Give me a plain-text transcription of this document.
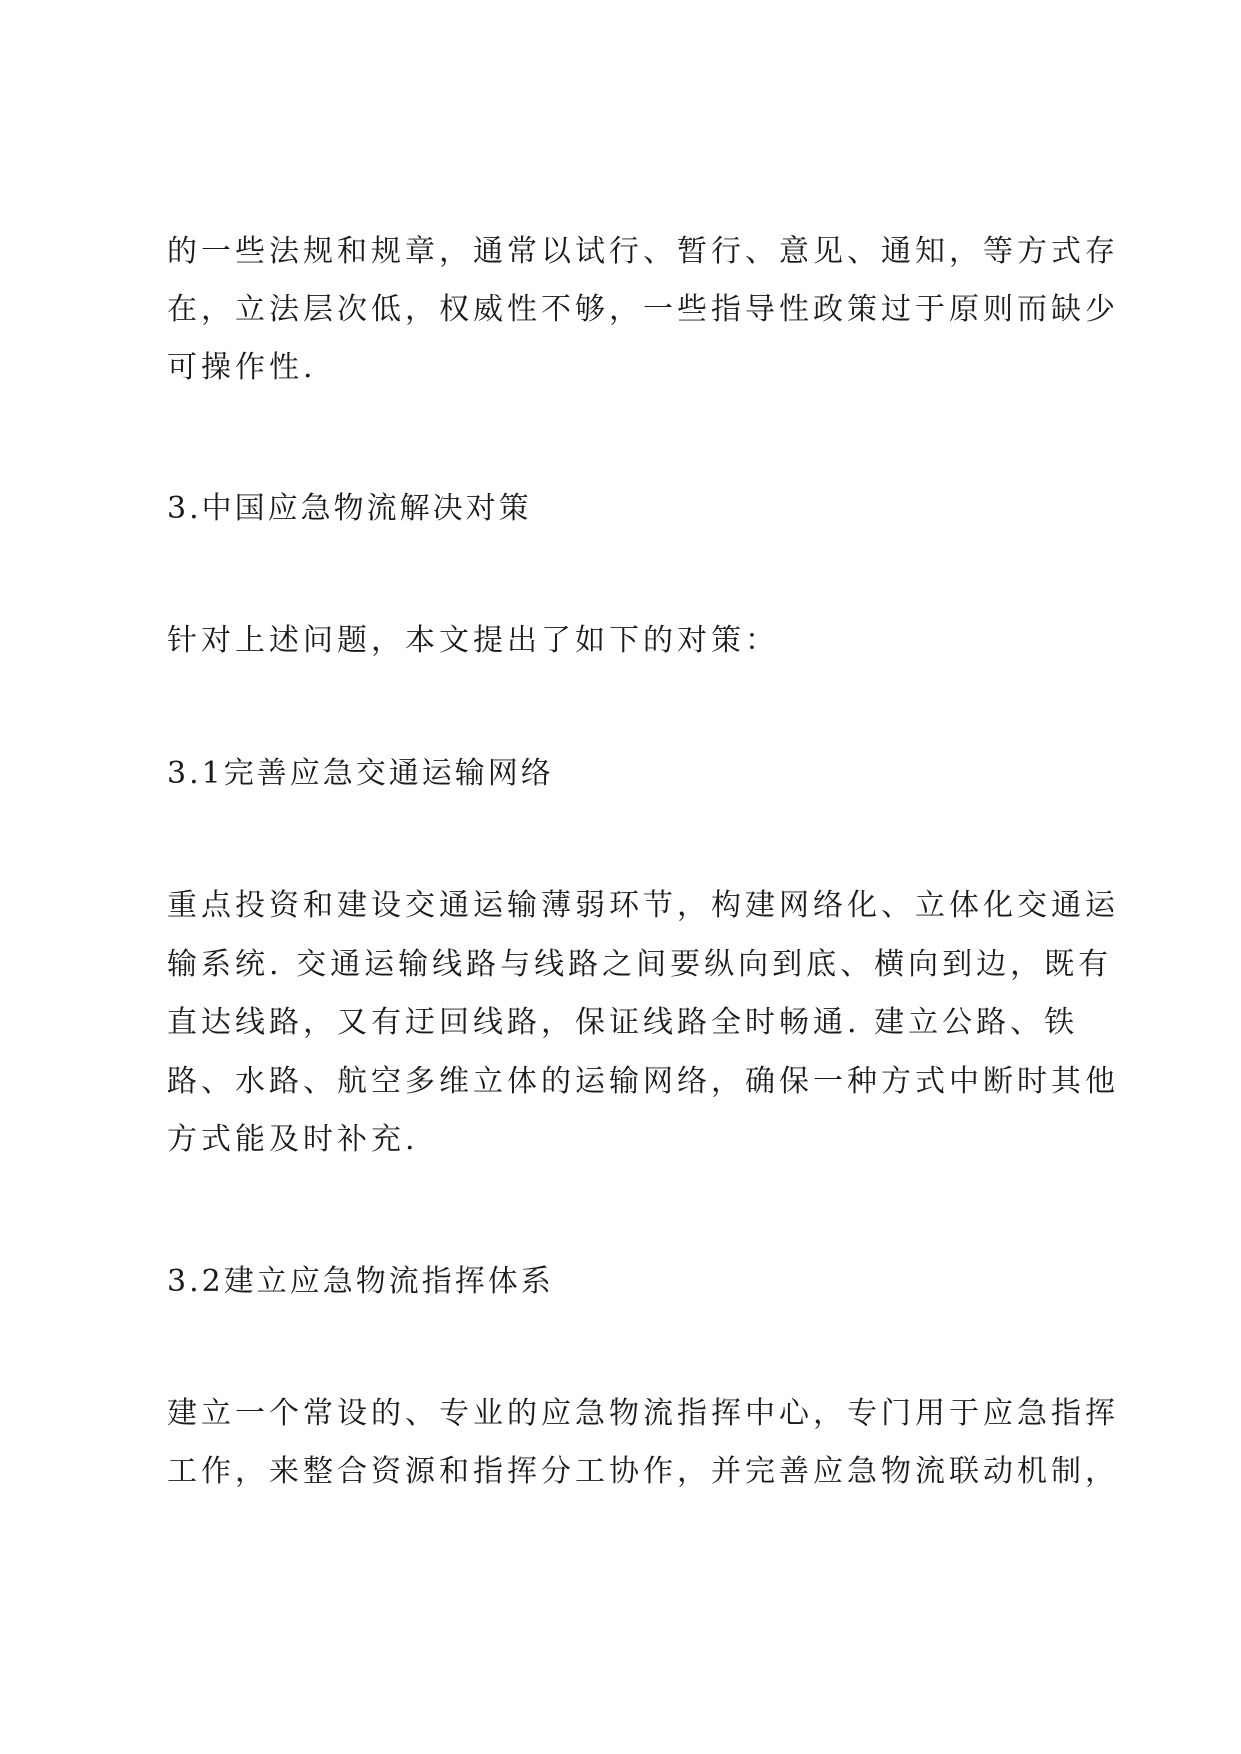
的一些法规和规章，通常以试行、暂行、意见、通知，等方式存
在，立法层次低，权威性不够，一些指导性政策过于原则而缺少
可操作性.
3.中国应急物流解决对策
针对上述问题，本文提出了如下的对策：
3.1完善应急交通运输网络
重点投资和建设交通运输薄弱环节，构建网络化、立体化交通运
输系统. 交通运输线路与线路之间要纵向到底、横向到边，既有
直达线路，又有迂回线路，保证线路全时畅通. 建立公路、铁
路、水路、航空多维立体的运输网络，确保一种方式中断时其他
方式能及时补充.
3.2建立应急物流指挥体系
建立一个常设的、专业的应急物流指挥中心，专门用于应急指挥
工作，来整合资源和指挥分工协作，并完善应急物流联动机制，
